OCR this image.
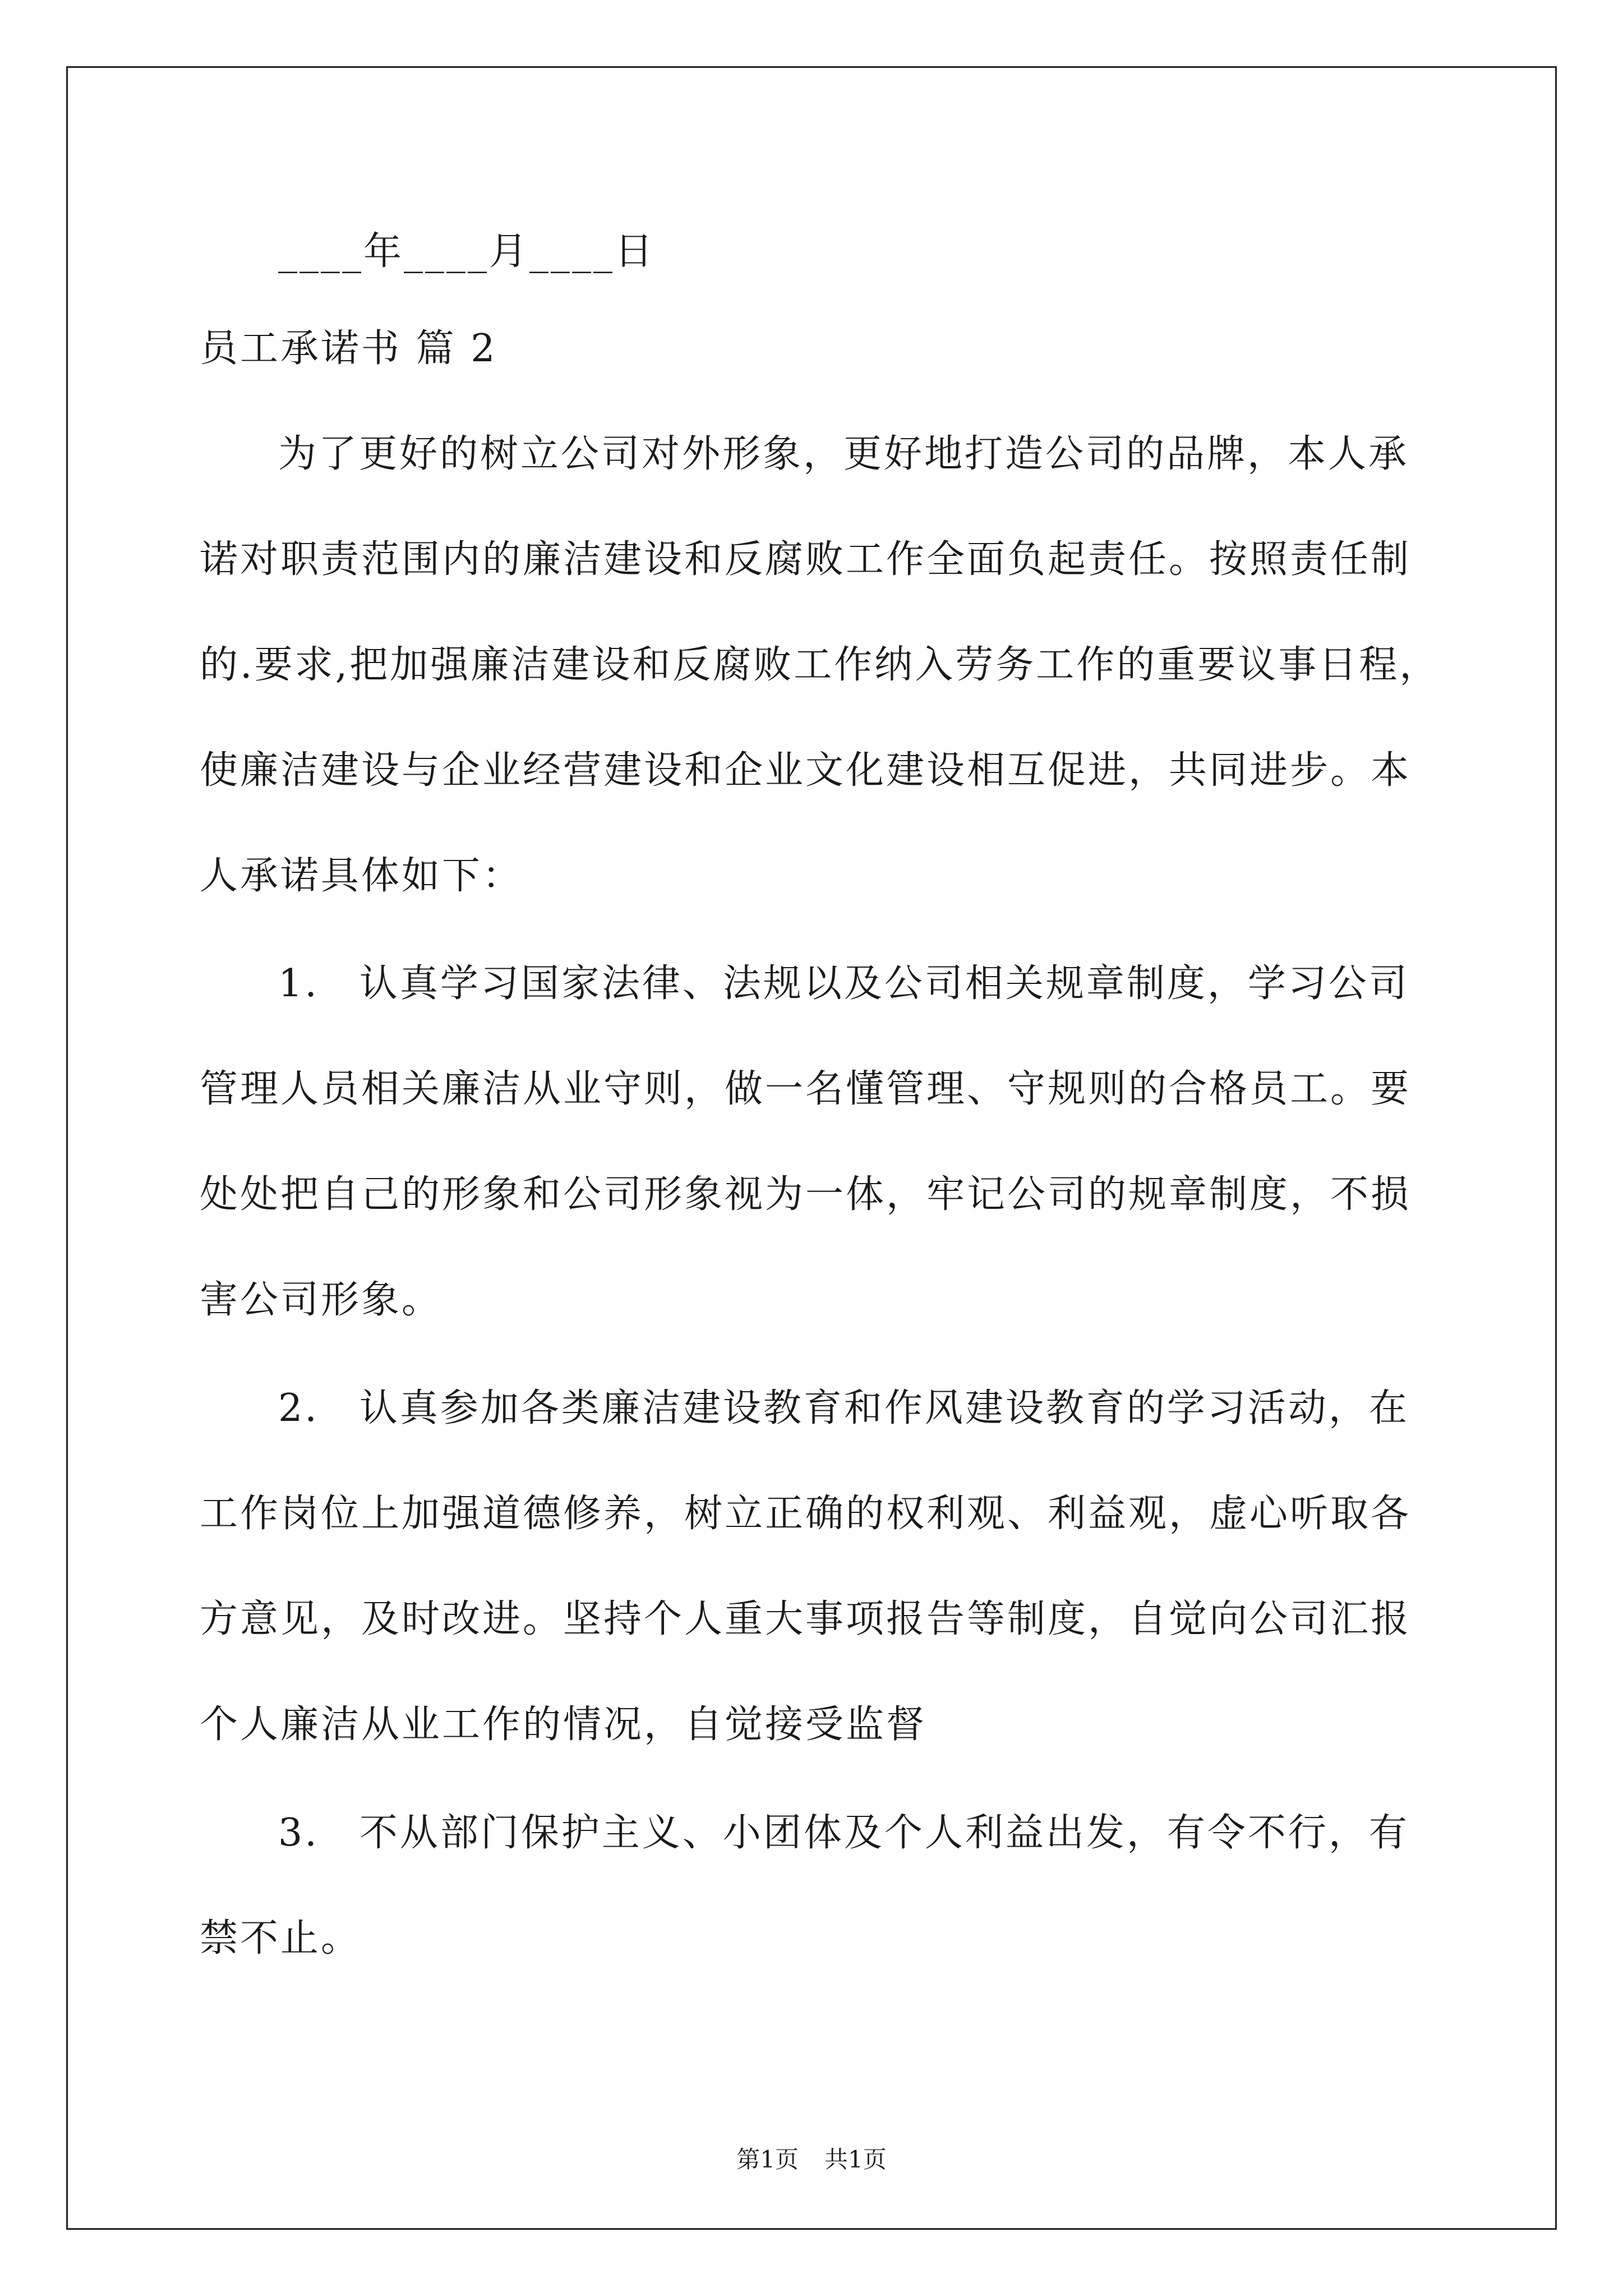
____年____月____日
员工承诺书 篇 2
为了更好的树立公司对外形象，更好地打造公司的品牌，本人承
诺对职责范围内的廉洁建设和反腐败工作全面负起责任。按照责任制
的.要求,把加强廉洁建设和反腐败工作纳入劳务工作的重要议事日程，
使廉洁建设与企业经营建设和企业文化建设相互促进，共同进步。本
人承诺具体如下：
1.　认真学习国家法律、法规以及公司相关规章制度，学习公司
管理人员相关廉洁从业守则，做一名懂管理、守规则的合格员工。要
处处把自己的形象和公司形象视为一体，牢记公司的规章制度，不损
害公司形象。
2.　认真参加各类廉洁建设教育和作风建设教育的学习活动，在
工作岗位上加强道德修养，树立正确的权利观、利益观，虚心听取各
方意见，及时改进。坚持个人重大事项报告等制度，自觉向公司汇报
个人廉洁从业工作的情况，自觉接受监督
3.　不从部门保护主义、小团体及个人利益出发，有令不行，有
禁不止。
第1页 共1页
